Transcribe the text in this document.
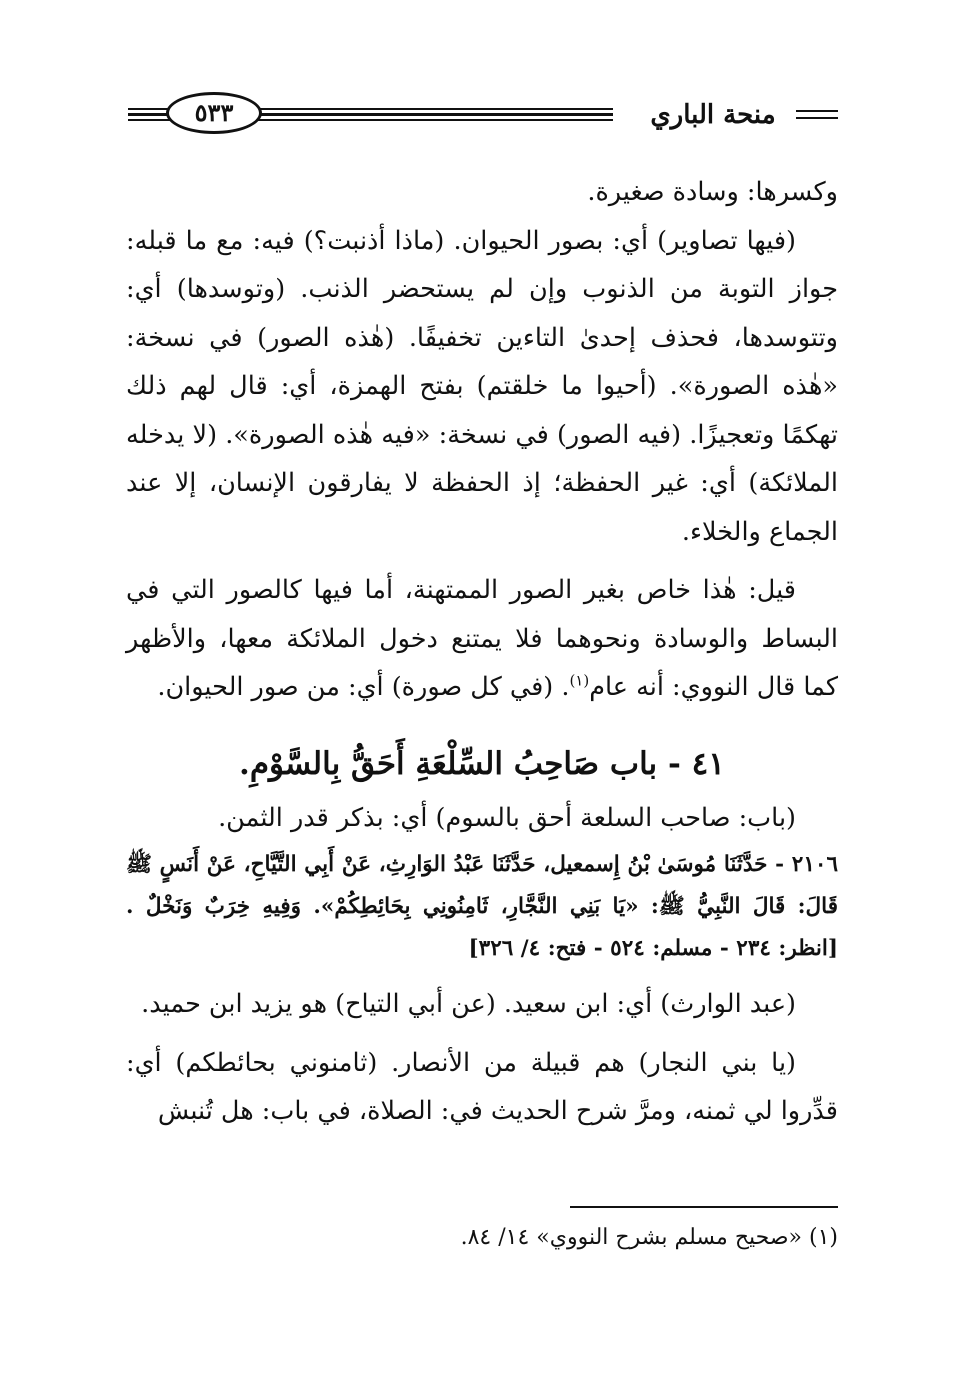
٥٣٣	منحة الباري

وكسرها: وسادة صغيرة.

(فيها تصاوير) أي: بصور الحيوان. (ماذا أذنبت؟) فيه: مع ما قبله: جواز التوبة من الذنوب وإن لم يستحضر الذنب. (وتوسدها) أي: وتتوسدها، فحذف إحدىٰ التاءين تخفيفًا. (هٰذه الصور) في نسخة: «هٰذه الصورة». (أحيوا ما خلقتم) بفتح الهمزة، أي: قال لهم ذلك تهكمًا وتعجيزًا. (فيه الصور) في نسخة: «فيه هٰذه الصورة». (لا يدخله الملائكة) أي: غير الحفظة؛ إذ الحفظة لا يفارقون الإنسان، إلا عند الجماع والخلاء.

قيل: هٰذا خاص بغير الصور الممتهنة، أما فيها كالصور التي في البساط والوسادة ونحوهما فلا يمتنع دخول الملائكة معها، والأظهر كما قال النووي: أنه عام$^{(١)}$. (في كل صورة) أي: من صور الحيوان.

٤١ - باب صَاحِبُ السِّلْعَةِ أَحَقُّ بِالسَّوْمِ.

(باب: صاحب السلعة أحق بالسوم) أي: بذكر قدر الثمن.

٢١٠٦ - حَدَّثَنَا مُوسَىٰ بْنُ إِسمعيل، حَدَّثَنَا عَبْدُ الوَارِثِ، عَنْ أَبِي التَّيَّاحِ، عَنْ أَنَسٍ ﷺ قَالَ: قَالَ النَّبِيُّ ﷺ: «يَا بَنِي النَّجَّارِ، ثَامِنُونِي بِحَائِطِكُمْ». وَفِيهِ خِرَبٌ وَنَخْلٌ .[انظر: ٢٣٤ - مسلم: ٥٢٤ - فتح: ٤/ ٣٢٦]

(عبد الوارث) أي: ابن سعيد. (عن أبي التياح) هو يزيد ابن حميد.

(يا بني النجار) هم قبيلة من الأنصار. (ثامنوني بحائطكم) أي: قدِّروا لي ثمنه، ومرَّ شرح الحديث في: الصلاة، في باب: هل تُنبش

(١) «صحيح مسلم بشرح النووي» ١٤/ ٨٤.
